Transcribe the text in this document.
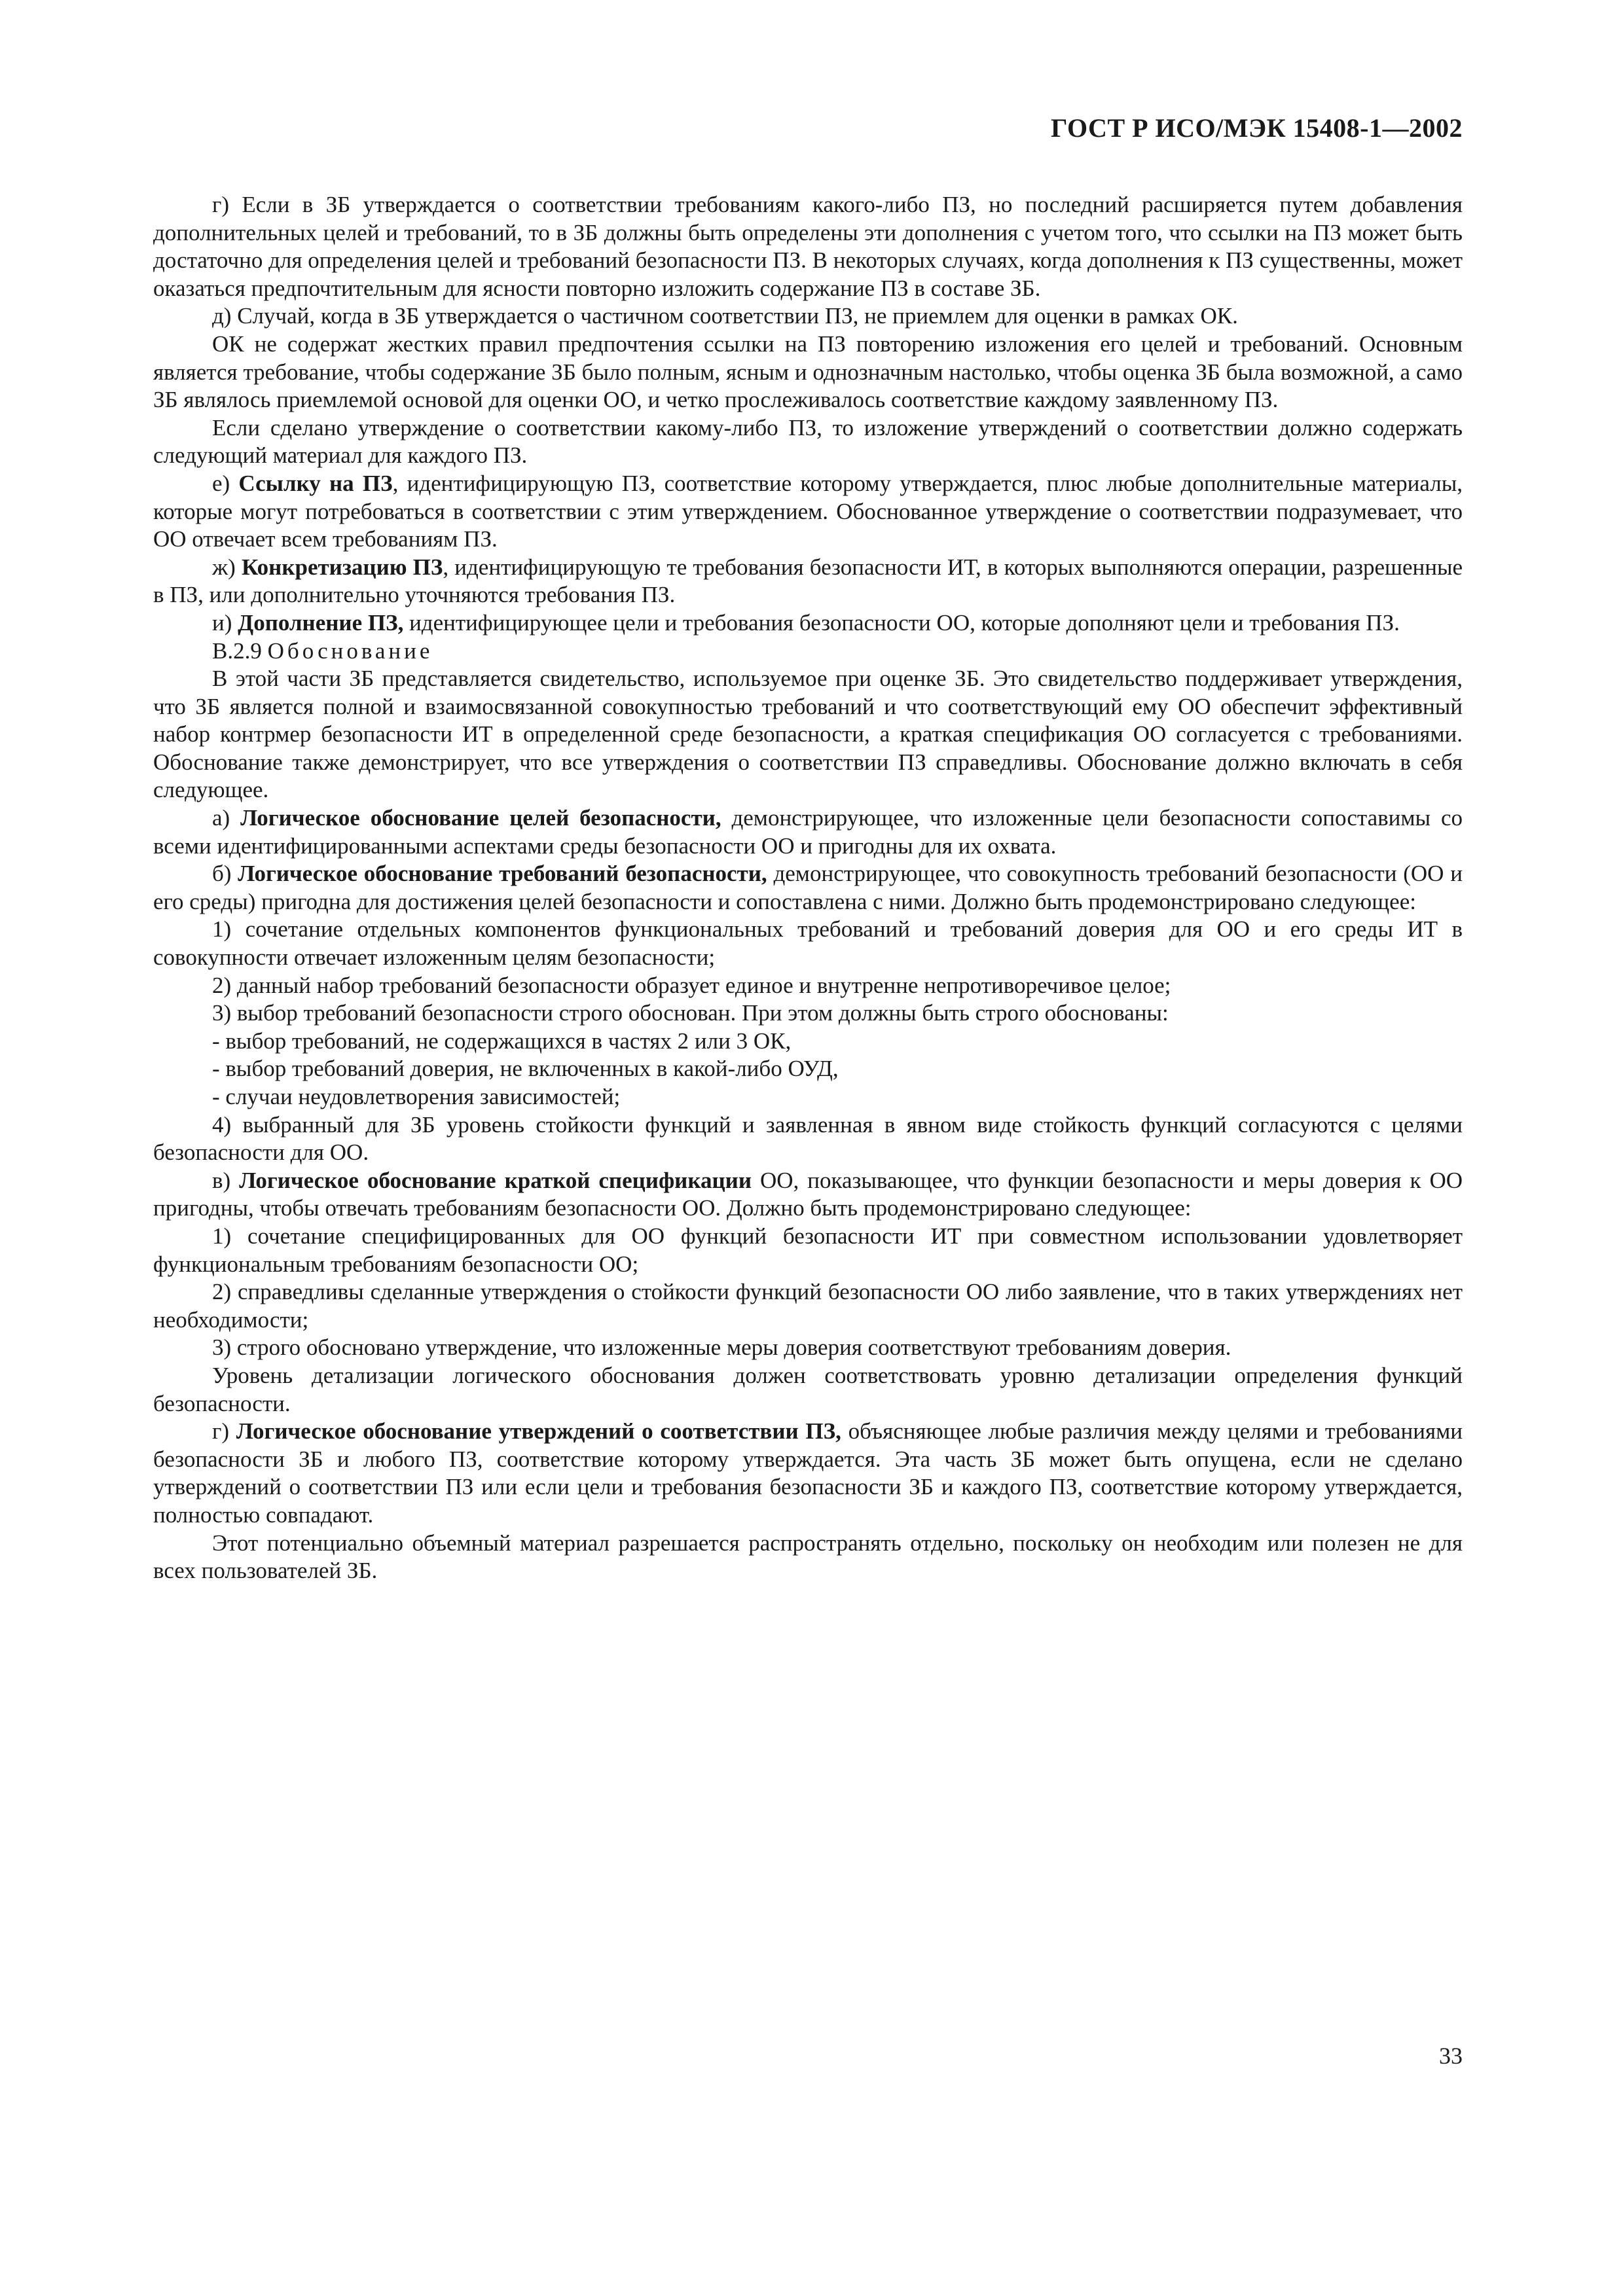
ГОСТ Р ИСО/МЭК 15408-1—2002

г) Если в ЗБ утверждается о соответствии требованиям какого-либо ПЗ, но последний расширяется путем добавления дополнительных целей и требований, то в ЗБ должны быть определены эти дополнения с учетом того, что ссылки на ПЗ может быть достаточно для определения целей и требований безопасности ПЗ. В некоторых случаях, когда дополнения к ПЗ существенны, может оказаться предпочтительным для ясности повторно изложить содержание ПЗ в составе ЗБ.

д) Случай, когда в ЗБ утверждается о частичном соответствии ПЗ, не приемлем для оценки в рамках ОК.

ОК не содержат жестких правил предпочтения ссылки на ПЗ повторению изложения его целей и требований. Основным является требование, чтобы содержание ЗБ было полным, ясным и однозначным настолько, чтобы оценка ЗБ была возможной, а само ЗБ являлось приемлемой основой для оценки ОО, и четко прослеживалось соответствие каждому заявленному ПЗ.

Если сделано утверждение о соответствии какому-либо ПЗ, то изложение утверждений о соответствии должно содержать следующий материал для каждого ПЗ.

е) Ссылку на ПЗ, идентифицирующую ПЗ, соответствие которому утверждается, плюс любые дополнительные материалы, которые могут потребоваться в соответствии с этим утверждением. Обоснованное утверждение о соответствии подразумевает, что ОО отвечает всем требованиям ПЗ.

ж) Конкретизацию ПЗ, идентифицирующую те требования безопасности ИТ, в которых выполняются операции, разрешенные в ПЗ, или дополнительно уточняются требования ПЗ.

и) Дополнение ПЗ, идентифицирующее цели и требования безопасности ОО, которые дополняют цели и требования ПЗ.

В.2.9 Обоснование

В этой части ЗБ представляется свидетельство, используемое при оценке ЗБ. Это свидетельство поддерживает утверждения, что ЗБ является полной и взаимосвязанной совокупностью требований и что соответствующий ему ОО обеспечит эффективный набор контрмер безопасности ИТ в определенной среде безопасности, а краткая спецификация ОО согласуется с требованиями. Обоснование также демонстрирует, что все утверждения о соответствии ПЗ справедливы. Обоснование должно включать в себя следующее.

а) Логическое обоснование целей безопасности, демонстрирующее, что изложенные цели безопасности сопоставимы со всеми идентифицированными аспектами среды безопасности ОО и пригодны для их охвата.

б) Логическое обоснование требований безопасности, демонстрирующее, что совокупность требований безопасности (ОО и его среды) пригодна для достижения целей безопасности и сопоставлена с ними. Должно быть продемонстрировано следующее:

1) сочетание отдельных компонентов функциональных требований и требований доверия для ОО и его среды ИТ в совокупности отвечает изложенным целям безопасности;

2) данный набор требований безопасности образует единое и внутренне непротиворечивое целое;

3) выбор требований безопасности строго обоснован. При этом должны быть строго обоснованы:

- выбор требований, не содержащихся в частях 2 или 3 ОК,

- выбор требований доверия, не включенных в какой-либо ОУД,

- случаи неудовлетворения зависимостей;

4) выбранный для ЗБ уровень стойкости функций и заявленная в явном виде стойкость функций согласуются с целями безопасности для ОО.

в) Логическое обоснование краткой спецификации ОО, показывающее, что функции безопасности и меры доверия к ОО пригодны, чтобы отвечать требованиям безопасности ОО. Должно быть продемонстрировано следующее:

1) сочетание специфицированных для ОО функций безопасности ИТ при совместном использовании удовлетворяет функциональным требованиям безопасности ОО;

2) справедливы сделанные утверждения о стойкости функций безопасности ОО либо заявление, что в таких утверждениях нет необходимости;

3) строго обосновано утверждение, что изложенные меры доверия соответствуют требованиям доверия.

Уровень детализации логического обоснования должен соответствовать уровню детализации определения функций безопасности.

г) Логическое обоснование утверждений о соответствии ПЗ, объясняющее любые различия между целями и требованиями безопасности ЗБ и любого ПЗ, соответствие которому утверждается. Эта часть ЗБ может быть опущена, если не сделано утверждений о соответствии ПЗ или если цели и требования безопасности ЗБ и каждого ПЗ, соответствие которому утверждается, полностью совпадают.

Этот потенциально объемный материал разрешается распространять отдельно, поскольку он необходим или полезен не для всех пользователей ЗБ.

33
